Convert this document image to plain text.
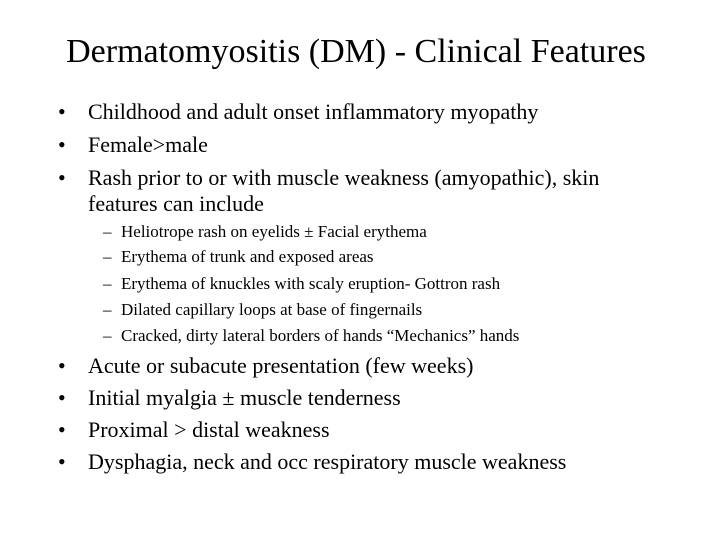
Dermatomyositis (DM) - Clinical Features
• Childhood and adult onset inflammatory myopathy
• Female>male
• Rash prior to or with muscle weakness (amyopathic), skin
features can include
– Heliotrope rash on eyelids ± Facial erythema
– Erythema of trunk and exposed areas
– Erythema of knuckles with scaly eruption- Gottron rash
– Dilated capillary loops at base of fingernails
– Cracked, dirty lateral borders of hands “Mechanics” hands
• Acute or subacute presentation (few weeks)
• Initial myalgia ± muscle tenderness
• Proximal > distal weakness
• Dysphagia, neck and occ respiratory muscle weakness
